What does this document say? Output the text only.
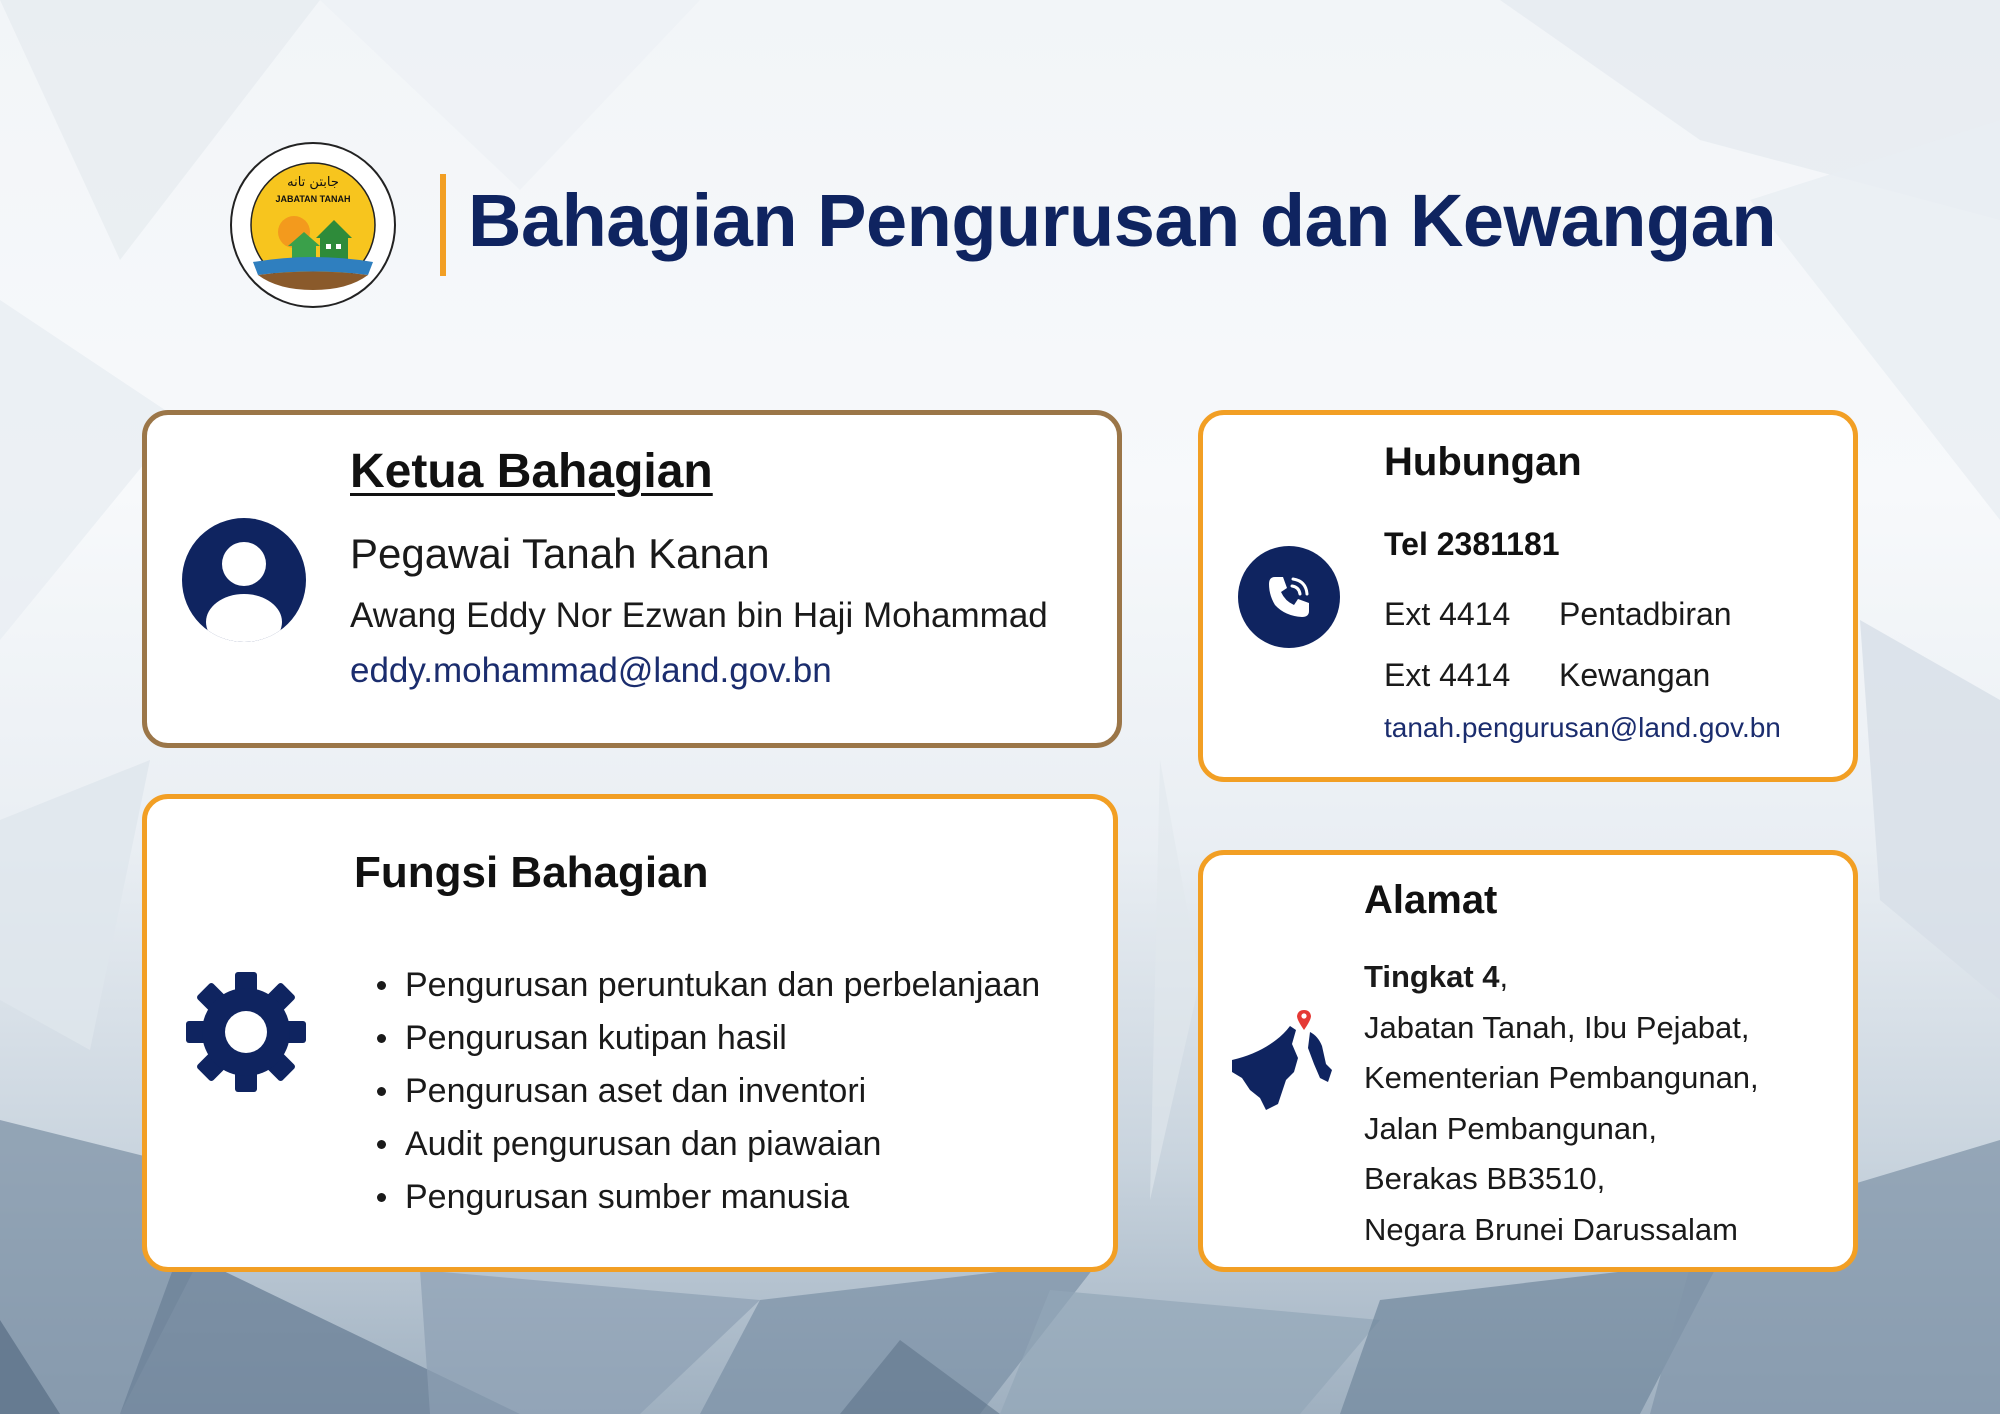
جابتن تانه
JABATAN TANAH Bahagian Pengurusan dan Kewangan
Ketua Bahagian
Pegawai Tanah Kanan
Awang Eddy Nor Ezwan bin Haji Mohammad
eddy.mohammad@land.gov.bn
Fungsi Bahagian
Pengurusan peruntukan dan perbelanjaan
Pengurusan kutipan hasil
Pengurusan aset dan inventori
Audit pengurusan dan piawaian
Pengurusan sumber manusia
Hubungan
Tel 2381181
Ext 4414 Pentadbiran
Ext 4414 Kewangan
tanah.pengurusan@land.gov.bn
Alamat
Tingkat 4,
Jabatan Tanah, Ibu Pejabat,
Kementerian Pembangunan,
Jalan Pembangunan,
Berakas BB3510,
Negara Brunei Darussalam
